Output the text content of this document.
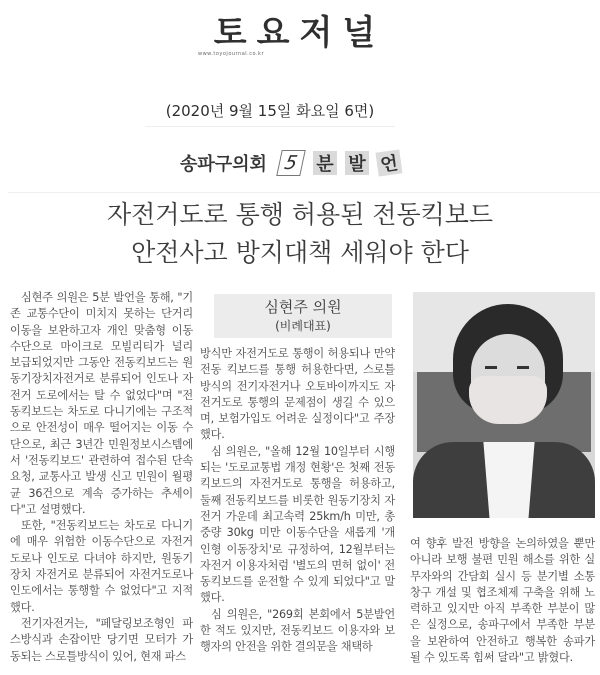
토요저널
www.toyojournal.co.kr
(2020년 9월 15일 화요일 6면)
송파구의회 5 분 발 언
자전거도로 통행 허용된 전동킥보드
안전사고 방지대책 세워야 한다

심현주 의원은 5분 발언을 통해, "기존 교통수단이 미치지 못하는 단거리 이동을 보완하고자 개인 맞춤형 이동수단으로 마이크로 모빌리티가 널리 보급되었지만 그동안 전동킥보드는 원동기장치자전거로 분류되어 인도나 자전거 도로에서는 탈 수 없었다"며 "전동킥보드는 차도로 다니기에는 구조적으로 안전성이 매우 떨어지는 이동 수단으로, 최근 3년간 민원정보시스템에서 '전동킥보드' 관련하여 접수된 단속 요청, 교통사고 발생 신고 민원이 월평균 36건으로 계속 증가하는 추세이다"고 설명했다.

또한, "전동킥보드는 차도로 다니기에 매우 위험한 이동수단으로 자전거도로나 인도로 다녀야 하지만, 원동기장치 자전거로 분류되어 자전거도로나 인도에서는 통행할 수 없었다"고 지적했다.

전기자전거는, "페달링보조형인 파스방식과 손잡이만 당기면 모터가 가동되는 스로틀방식이 있어, 현재 파스

심현주 의원
(비례대표)

방식만 자전거도로 통행이 허용되나 만약 전동 킥보드를 통행 허용한다면, 스로틀방식의 전기자전거나 오토바이까지도 자전거도로 통행의 문제점이 생길 수 있으며, 보험가입도 어려운 실정이다"고 주장했다.

심 의원은, "올해 12월 10일부터 시행되는 '도로교통법 개정 현황'은 첫째 전동킥보드의 자전거도로 통행을 허용하고, 둘째 전동킥보드를 비롯한 원동기장치 자전거 가운데 최고속력 25km/h 미만, 총 중량 30kg 미만 이동수단을 새롭게 '개인형 이동장치'로 규정하여, 12월부터는 자전거 이용자처럼 '별도의 면허 없이' 전동킥보드를 운전할 수 있게 되었다"고 말했다.

심 의원은, "269회 본회에서 5분발언한 적도 있지만, 전동킥보드 이용자와 보행자의 안전을 위한 결의문을 채택하

여 향후 발전 방향을 논의하였을 뿐만 아니라 보행 불편 민원 해소를 위한 실무자와의 간담회 실시 등 분기별 소통창구 개설 및 협조체제 구축을 위해 노력하고 있지만 아직 부족한 부분이 많은 실정으로, 송파구에서 부족한 부분을 보완하여 안전하고 행복한 송파가 될 수 있도록 힘써 달라"고 밝혔다.
